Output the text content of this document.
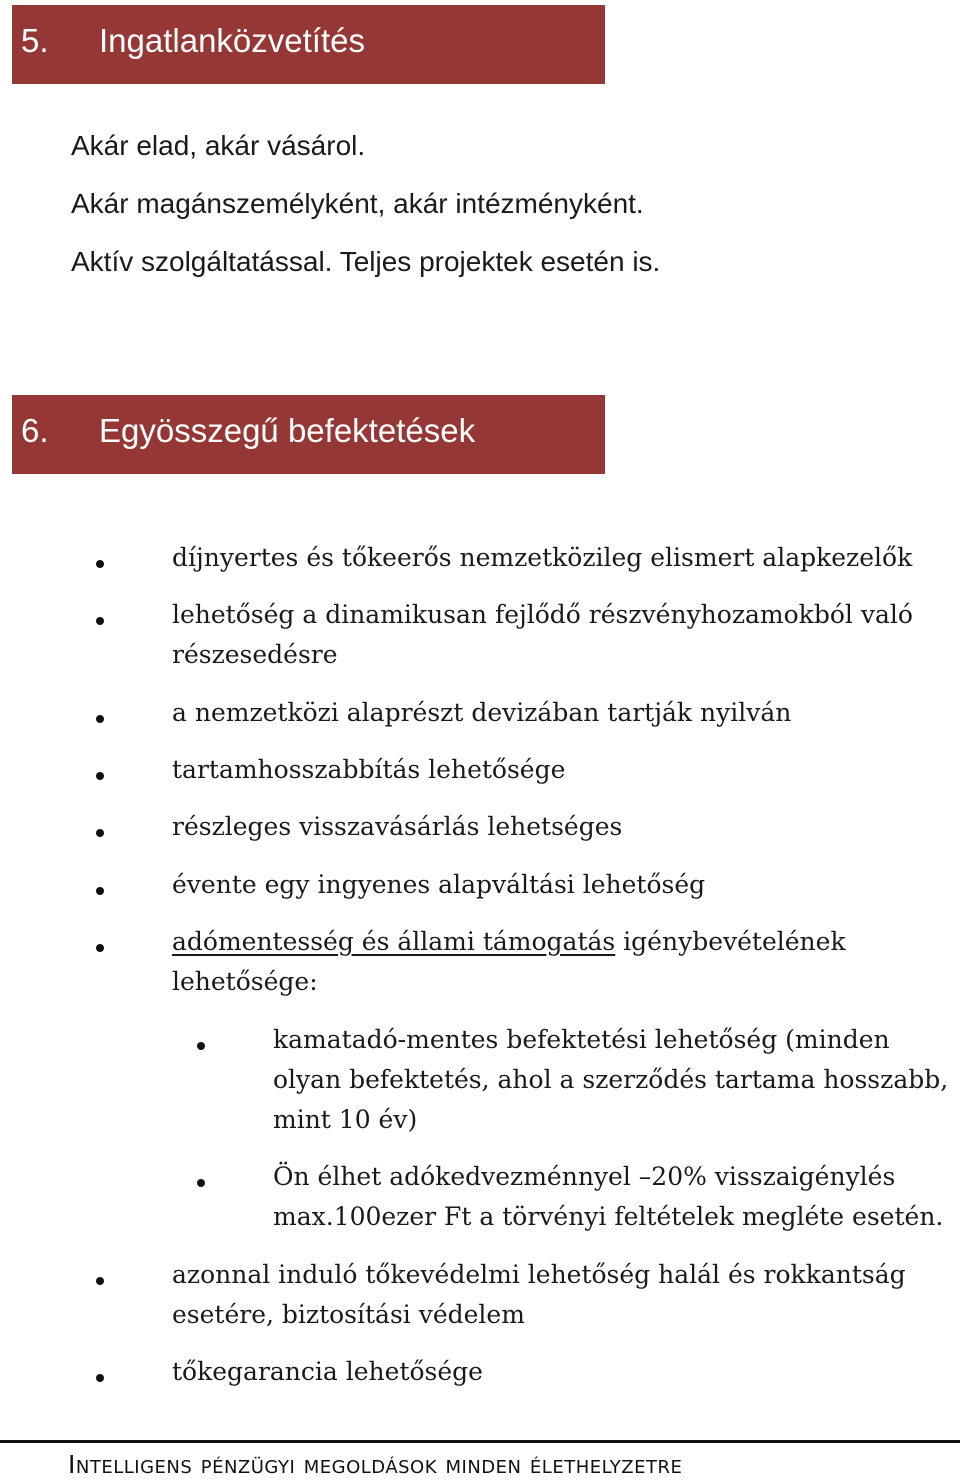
5. Ingatlanközvetítés
Akár elad, akár vásárol.
Akár magánszemélyként, akár intézményként.
Aktív szolgáltatással. Teljes projektek esetén is.
6. Egyösszegű befektetések
díjnyertes és tőkeerős nemzetközileg elismert alapkezelők
lehetőség a dinamikusan fejlődő részvényhozamokból való
részesedésre
a nemzetközi alaprészt devizában tartják nyilván
tartamhosszabbítás lehetősége
részleges visszavásárlás lehetséges
évente egy ingyenes alapváltási lehetőség
adómentesség és állami támogatás igénybevételének
lehetősége:
kamatadó-mentes befektetési lehetőség (minden
olyan befektetés, ahol a szerződés tartama hosszabb,
mint 10 év)
Ön élhet adókedvezménnyel –20% visszaigénylés
max.100ezer Ft a törvényi feltételek megléte esetén.
azonnal induló tőkevédelmi lehetőség halál és rokkantság
esetére, biztosítási védelem
tőkegarancia lehetősége
Intelligens pénzügyi megoldások minden élethelyzetre
